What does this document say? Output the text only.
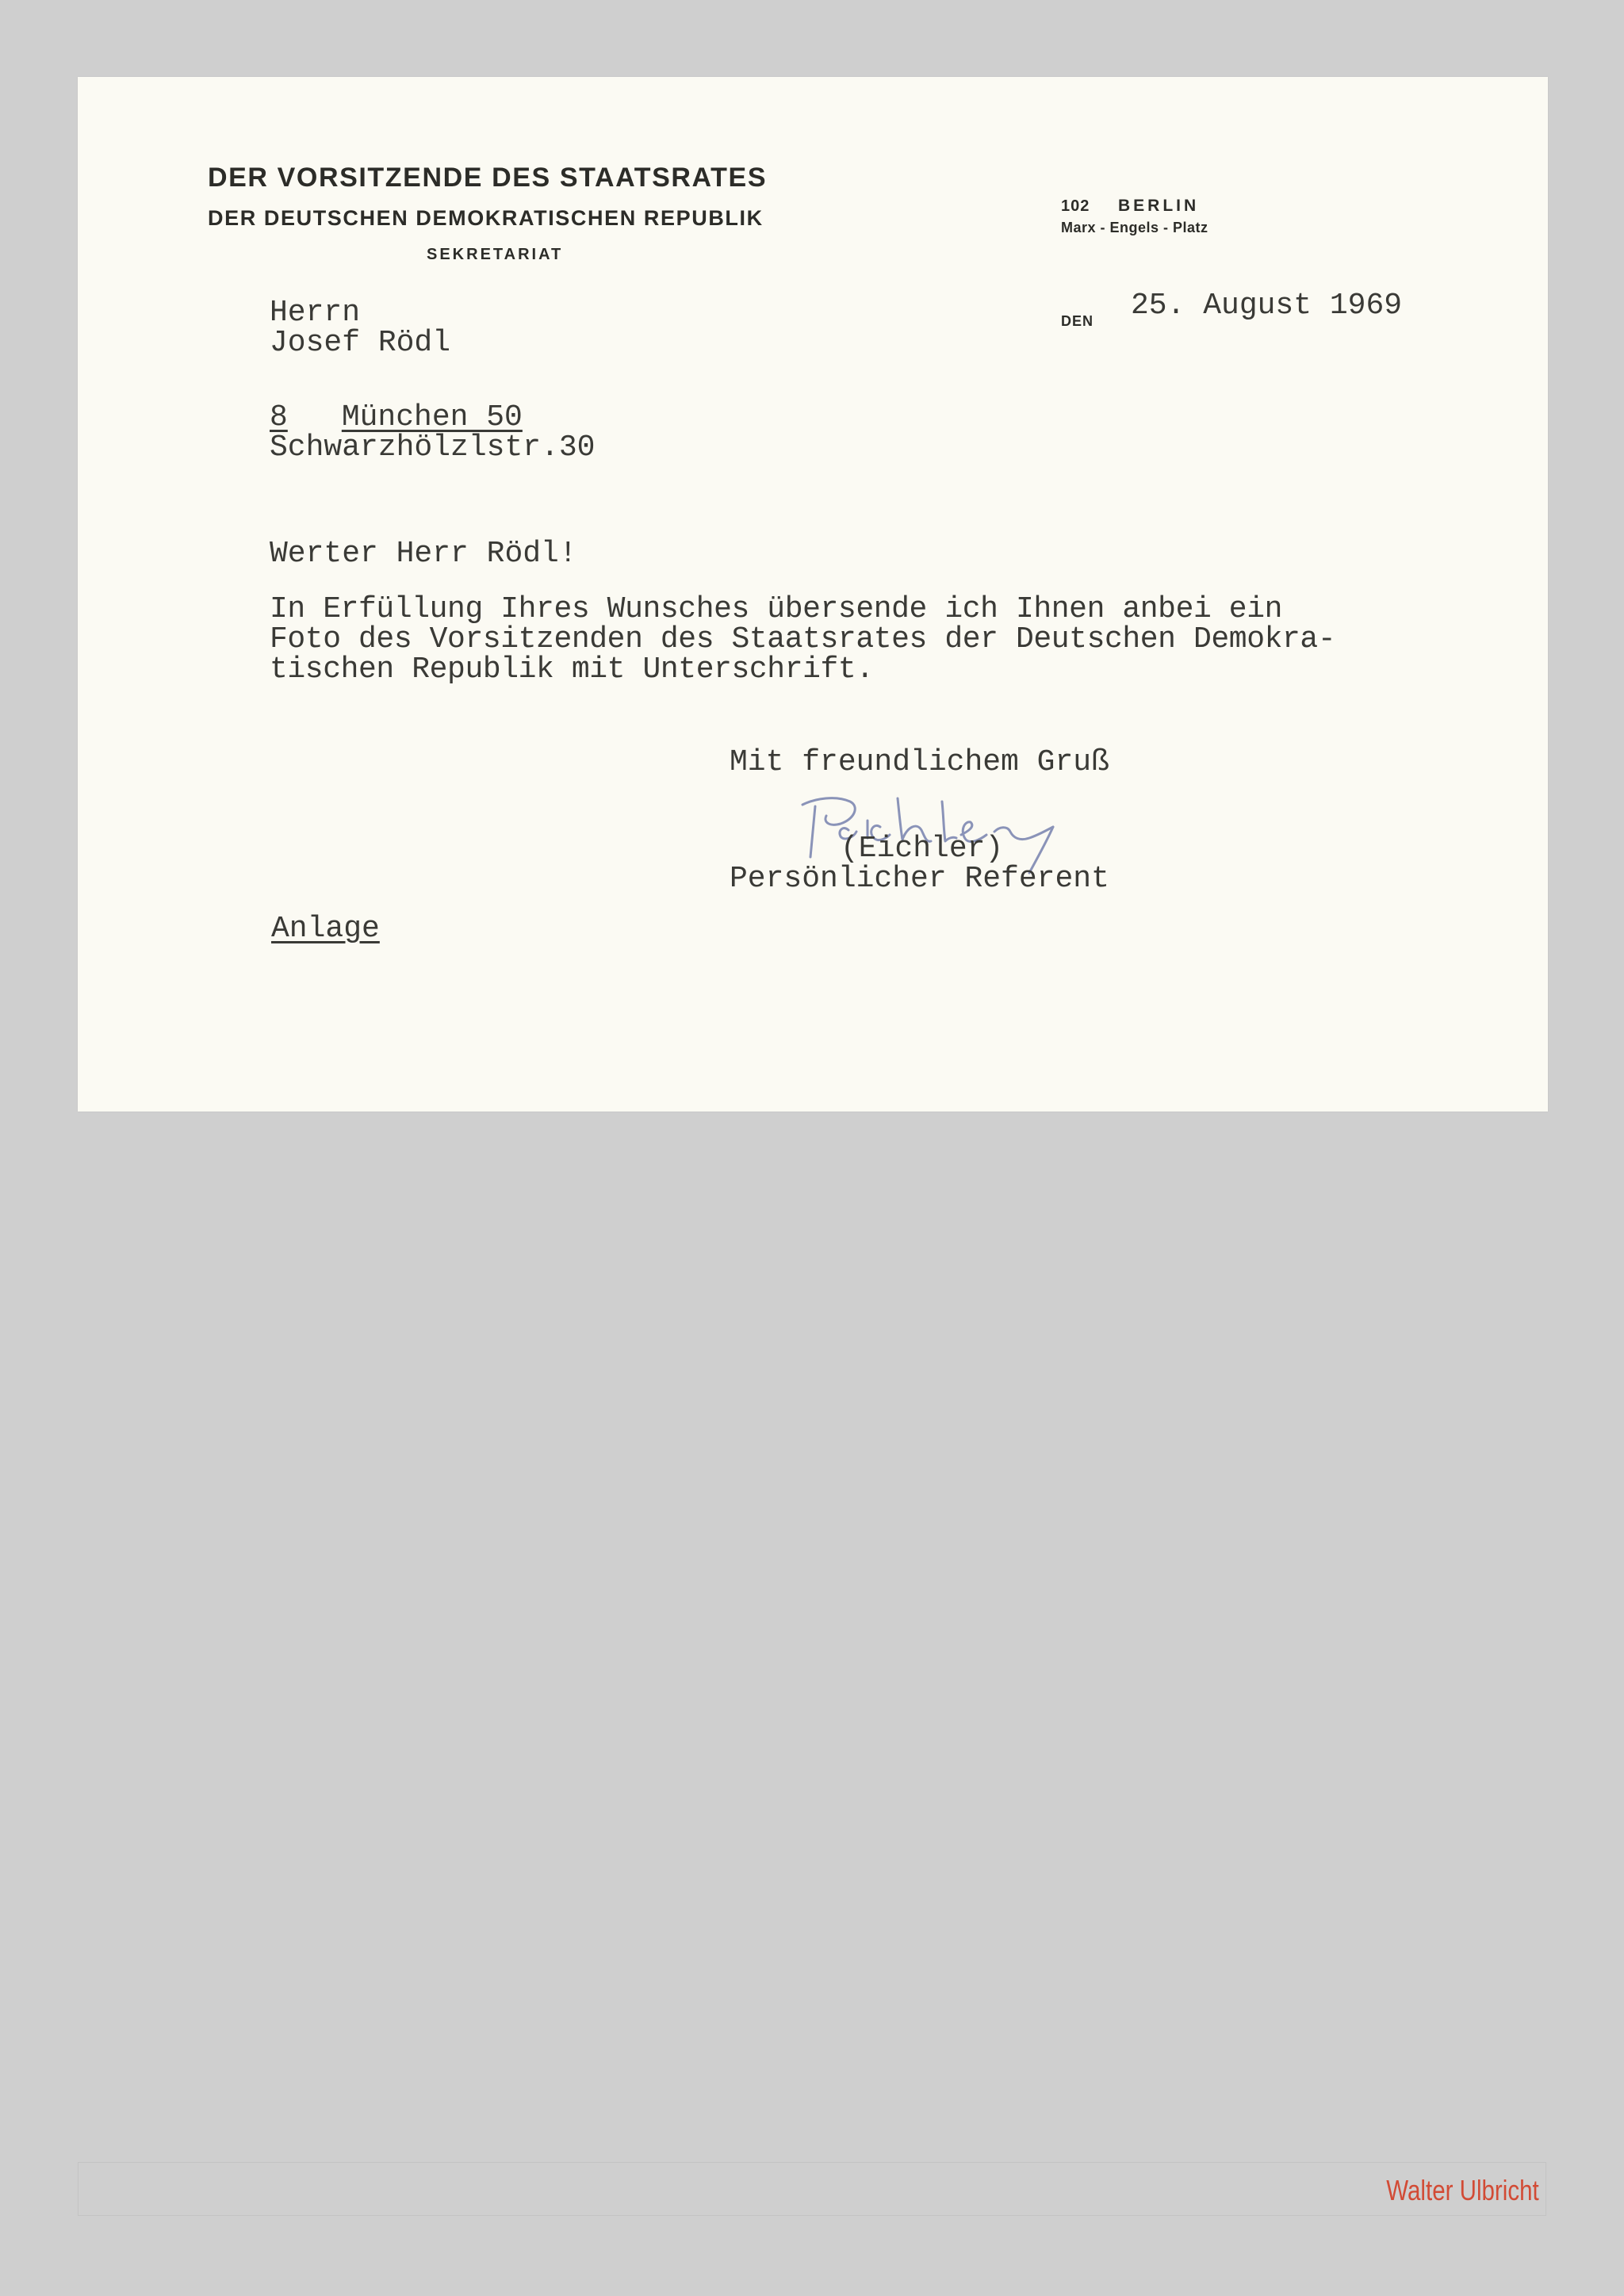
DER VORSITZENDE DES STAATSRATES
DER DEUTSCHEN DEMOKRATISCHEN REPUBLIK
SEKRETARIAT
102 BERLIN
Marx - Engels - Platz
DEN 25. August 1969
Herrn
Josef Rödl
8 München 50
Schwarzhölzlstr.30
Werter Herr Rödl!
In Erfüllung Ihres Wunsches übersende ich Ihnen anbei ein
Foto des Vorsitzenden des Staatsrates der Deutschen Demokra-
tischen Republik mit Unterschrift.
Mit freundlichem Gruß
(Eichler)
Persönlicher Referent
Anlage
Walter Ulbricht
